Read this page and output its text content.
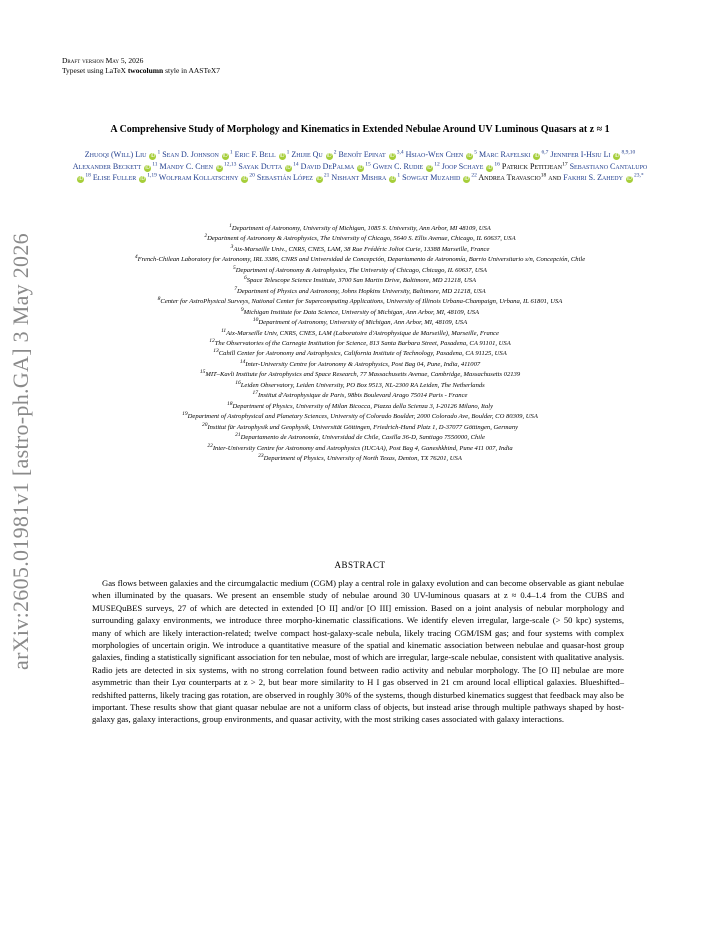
arXiv:2605.01981v1 [astro-ph.GA] 3 May 2026
Draft version May 5, 2026
Typeset using LaTeX twocolumn style in AASTeX7
A Comprehensive Study of Morphology and Kinematics in Extended Nebulae Around UV Luminous Quasars at z ≈ 1
Zhuoqi (Will) Liu $iD^1$ Sean D. Johnson $iD^1$ Eric F. Bell $iD^1$ Zhijie Qu $iD^2$ Benoît Epinat iD$^{3,4}$ Hsiao-Wen Chen $iD^5$ Marc Rafelski iD$^{6,7}$ Jennifer I-Hsiu Li iD$^{8,9,10}$ Alexander Beckett $iD^{11}$ Mandy C. Chen iD$^{12,13}$ Sayak Dutta $iD^{14}$ David DePalma $iD^{15}$ Gwen C. Rudie $iD^{12}$ Joop Schaye $iD^{16}$ Patrick Petitjean$^{17}$ Sebastiano Cantalupo $iD^{18}$ Elise Fuller iD$^{1,19}$ Wolfram Kollatschny $iD^{20}$ Sebastián López $iD^{21}$ Nishant Mishra $iD^1$ Sowgat Muzahid $iD^{22}$ Andrea Travascio$^{18}$ and Fakhri S. Zahedy $iD^{23,*}$
$^1$Department of Astronomy, University of Michigan, 1085 S. University, Ann Arbor, MI 48109, USA
$^2$Department of Astronomy & Astrophysics, The University of Chicago, 5640 S. Ellis Avenue, Chicago, IL 60637, USA
$^3$Aix-Marseille Univ., CNRS, CNES, LAM, 38 Rue Frédéric Joliot Curie, 13388 Marseille, France
$^4$French-Chilean Laboratory for Astronomy, IRL 3386, CNRS and Universidad de Concepción, Departamento de Astronomía, Barrio Universitario s/n, Concepción, Chile
$^5$Department of Astronomy & Astrophysics, The University of Chicago, Chicago, IL 60637, USA
$^6$Space Telescope Science Institute, 3700 San Martin Drive, Baltimore, MD 21218, USA
$^7$Department of Physics and Astronomy, Johns Hopkins University, Baltimore, MD 21218, USA
$^8$Center for AstroPhysical Surveys, National Center for Supercomputing Applications, University of Illinois Urbana-Champaign, Urbana, IL 61801, USA
$^9$Michigan Institute for Data Science, University of Michigan, Ann Arbor, MI, 48109, USA
$^{10}$Department of Astronomy, University of Michigan, Ann Arbor, MI, 48109, USA
$^{11}$Aix-Marseille Univ, CNRS, CNES, LAM (Laboratoire d'Astrophysique de Marseille), Marseille, France
$^{12}$The Observatories of the Carnegie Institution for Science, 813 Santa Barbara Street, Pasadena, CA 91101, USA
$^{13}$Cahill Center for Astronomy and Astrophysics, California Institute of Technology, Pasadena, CA 91125, USA
$^{14}$Inter-University Centre for Astronomy & Astrophysics, Post Bag 04, Pune, India, 411007
$^{15}$MIT–Kavli Institute for Astrophysics and Space Research, 77 Massachusetts Avenue, Cambridge, Massachusetts 02139
$^{16}$Leiden Observatory, Leiden University, PO Box 9513, NL-2300 RA Leiden, The Netherlands
$^{17}$Institut d'Astrophysique de Paris, 98bis Boulevard Arago 75014 Paris - France
$^{18}$Department of Physics, University of Milan Bicocca, Piazza della Scienza 3, I-20126 Milano, Italy
$^{19}$Department of Astrophysical and Planetary Sciences, University of Colorado Boulder, 2000 Colorado Ave, Boulder, CO 80309, USA
$^{20}$Institut für Astrophysik und Geophysik, Universität Göttingen, Friedrich-Hund Platz 1, D-37077 Göttingen, Germany
$^{21}$Departamento de Astronomía, Universidad de Chile, Casilla 36-D, Santiago 7550000, Chile
$^{22}$Inter-University Centre for Astronomy and Astrophysics (IUCAA), Post Bag 4, Ganeshkhind, Pune 411 007, India
$^{23}$Department of Physics, University of North Texas, Denton, TX 76201, USA
ABSTRACT
Gas flows between galaxies and the circumgalactic medium (CGM) play a central role in galaxy evolution and can become observable as giant nebulae when illuminated by the quasars. We present an ensemble study of nebulae around 30 UV-luminous quasars at z ≈ 0.4–1.4 from the CUBS and MUSEQuBES surveys, 27 of which are detected in extended [O II] and/or [O III] emission. Based on a joint analysis of nebular morphology and surrounding galaxy environments, we introduce three morpho-kinematic classifications. We identify eleven irregular, large-scale (> 50 kpc) systems, many of which are likely interaction-related; twelve compact host-galaxy-scale nebula, likely tracing CGM/ISM gas; and four systems with complex morphologies of uncertain origin. We introduce a quantitative measure of the spatial and kinematic association between nebulae and quasar-host group galaxies, finding a statistically significant association for ten nebulae, most of which are irregular, large-scale nebulae, consistent with qualitative analysis. Radio jets are detected in six systems, with no strong correlation found between radio activity and nebular morphology. The [O II] nebulae are more asymmetric than their Lyα counterparts at z > 2, but bear more similarity to H I gas observed in 21 cm around local elliptical galaxies. Blueshifted–redshifted patterns, likely tracing gas rotation, are observed in roughly 30% of the systems, though disturbed kinematics suggest that feedback may also be important. These results show that giant quasar nebulae are not a uniform class of objects, but instead arise through multiple pathways shaped by host-galaxy gas, galaxy interactions, group environments, and quasar activity, with the most striking cases associated with galaxy interactions.
